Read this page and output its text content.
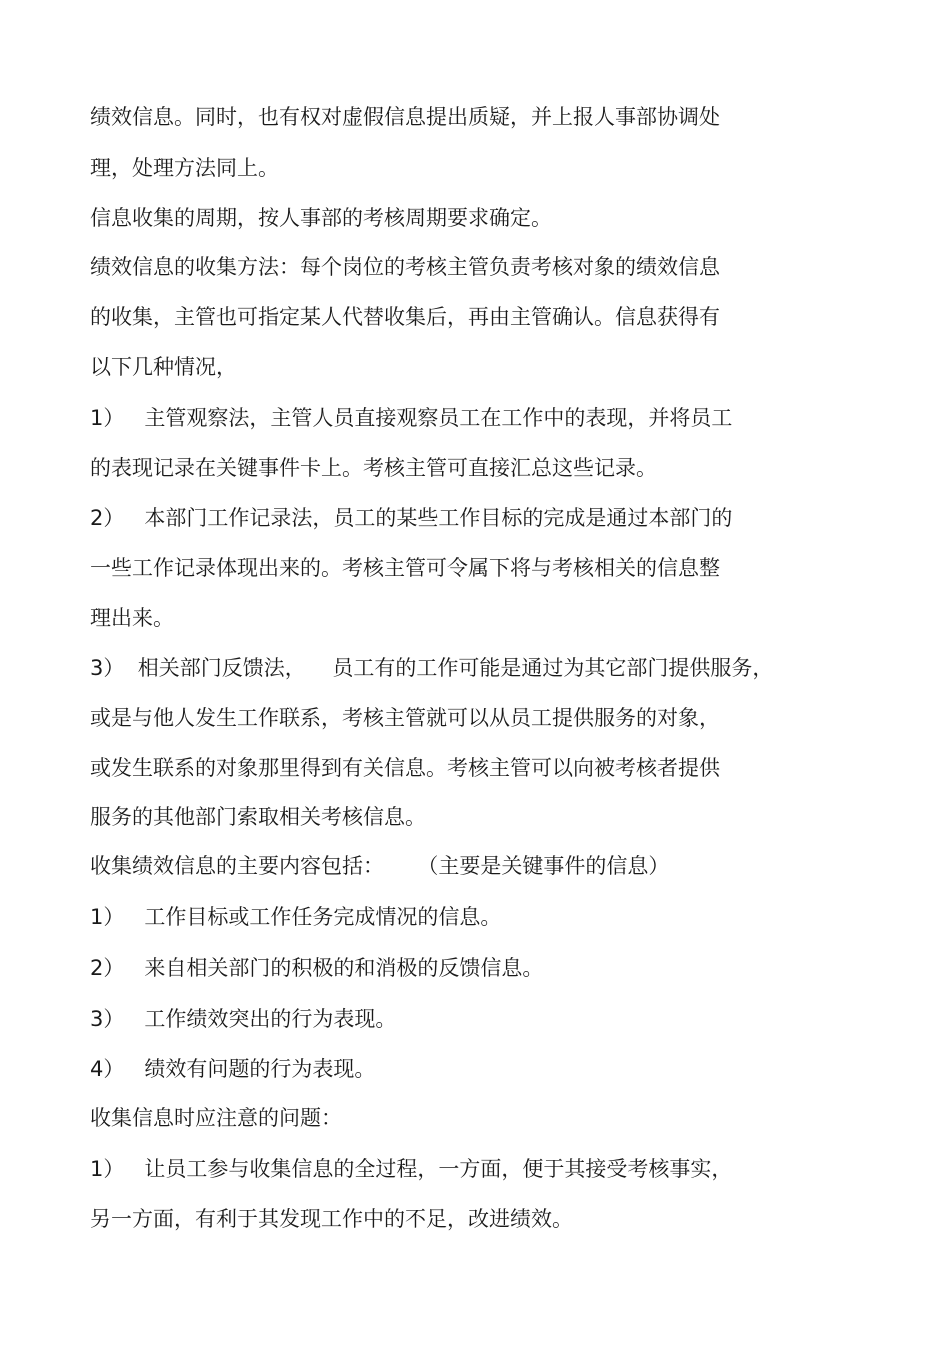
绩效信息。同时，也有权对虚假信息提出质疑，并上报人事部协调处
理，处理方法同上。
信息收集的周期，按人事部的考核周期要求确定。
绩效信息的收集方法：每个岗位的考核主管负责考核对象的绩效信息
的收集，主管也可指定某人代替收集后，再由主管确认。信息获得有
以下几种情况，
1）   主管观察法，主管人员直接观察员工在工作中的表现，并将员工
的表现记录在关键事件卡上。考核主管可直接汇总这些记录。
2）   本部门工作记录法，员工的某些工作目标的完成是通过本部门的
一些工作记录体现出来的。考核主管可令属下将与考核相关的信息整
理出来。
3）  相关部门反馈法，    员工有的工作可能是通过为其它部门提供服务，
或是与他人发生工作联系，考核主管就可以从员工提供服务的对象，
或发生联系的对象那里得到有关信息。考核主管可以向被考核者提供
服务的其他部门索取相关考核信息。
收集绩效信息的主要内容包括：     （主要是关键事件的信息）
1）   工作目标或工作任务完成情况的信息。
2）   来自相关部门的积极的和消极的反馈信息。
3）   工作绩效突出的行为表现。
4）   绩效有问题的行为表现。
收集信息时应注意的问题：
1）   让员工参与收集信息的全过程，一方面，便于其接受考核事实，
另一方面，有利于其发现工作中的不足，改进绩效。
